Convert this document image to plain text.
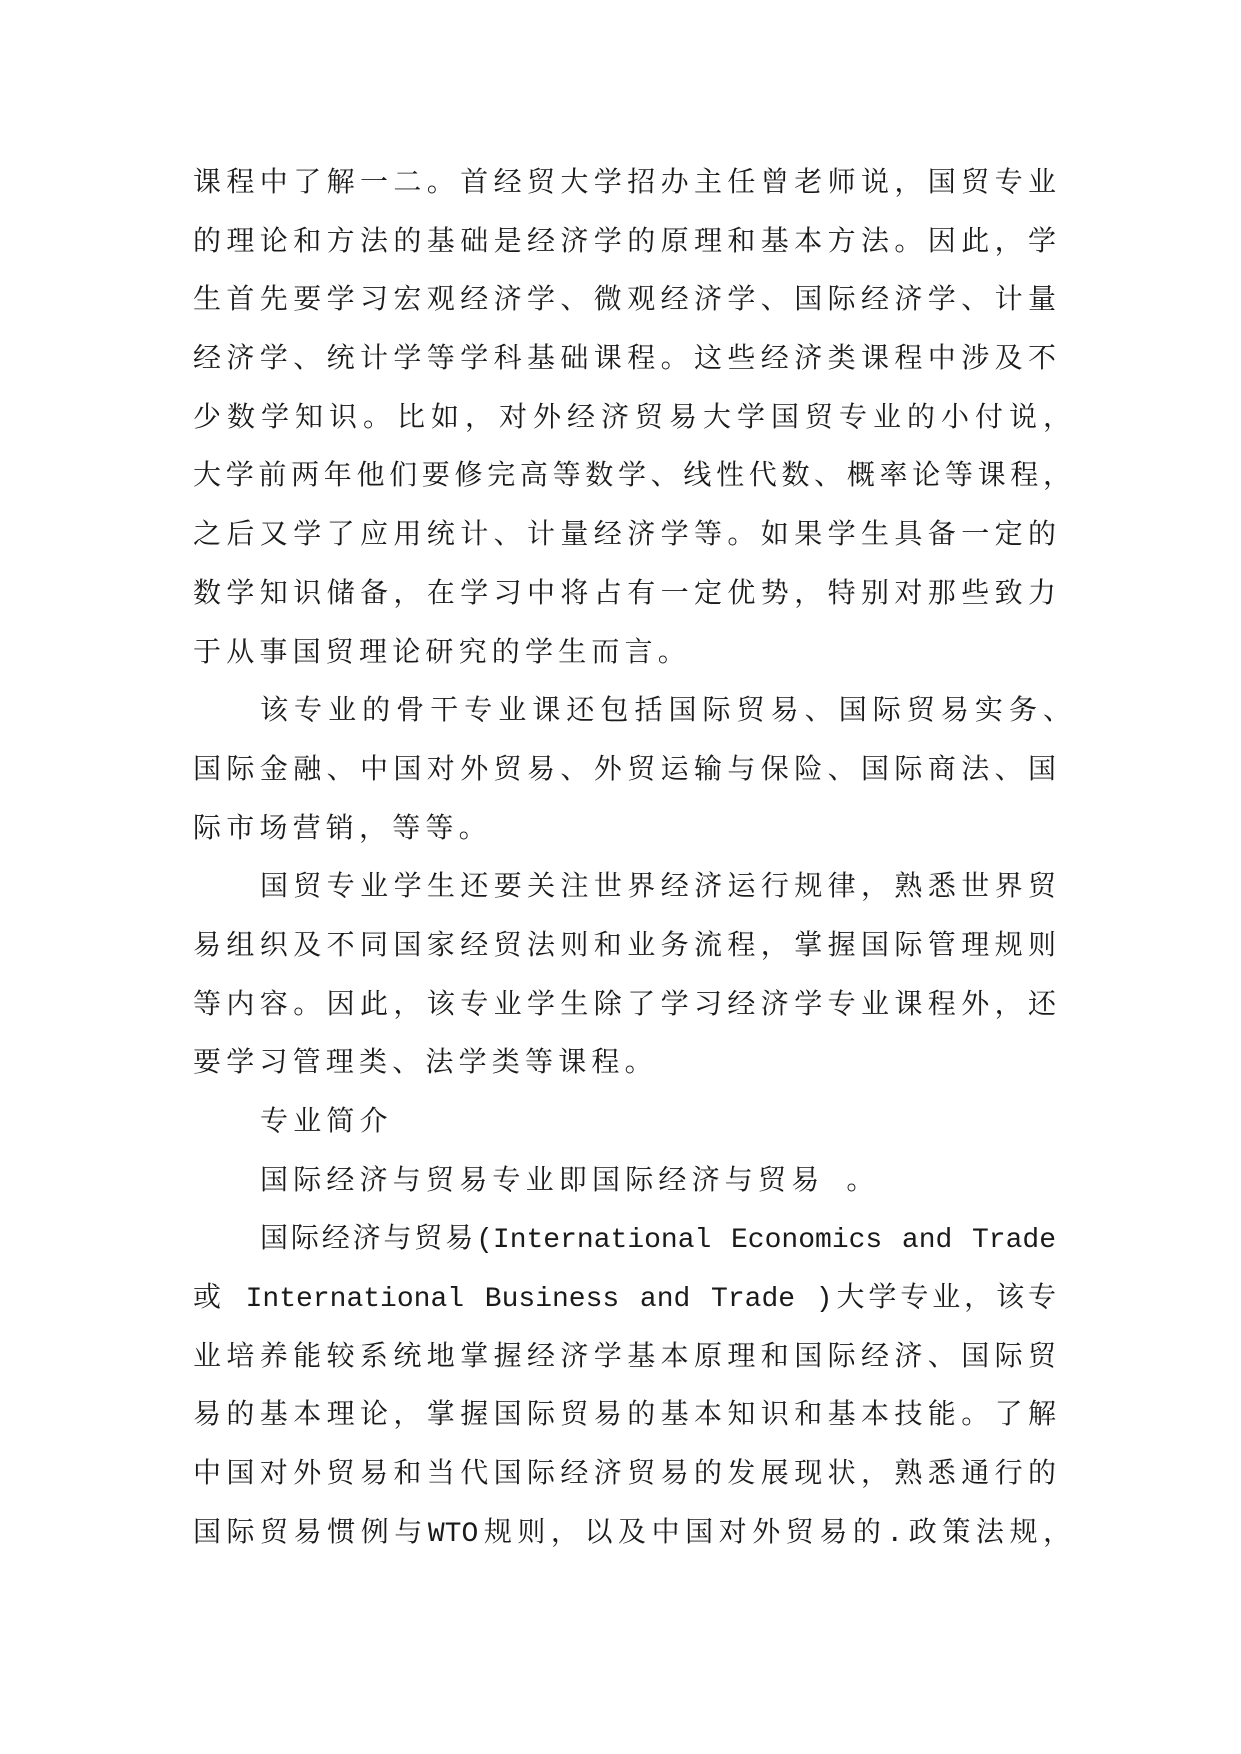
课程中了解一二。首经贸大学招办主任曾老师说，国贸专业
的理论和方法的基础是经济学的原理和基本方法。因此，学
生首先要学习宏观经济学、微观经济学、国际经济学、计量
经济学、统计学等学科基础课程。这些经济类课程中涉及不
少数学知识。比如，对外经济贸易大学国贸专业的小付说，
大学前两年他们要修完高等数学、线性代数、概率论等课程，
之后又学了应用统计、计量经济学等。如果学生具备一定的
数学知识储备，在学习中将占有一定优势，特别对那些致力
于从事国贸理论研究的学生而言。
该专业的骨干专业课还包括国际贸易、国际贸易实务、
国际金融、中国对外贸易、外贸运输与保险、国际商法、国
际市场营销，等等。
国贸专业学生还要关注世界经济运行规律，熟悉世界贸
易组织及不同国家经贸法则和业务流程，掌握国际管理规则
等内容。因此，该专业学生除了学习经济学专业课程外，还
要学习管理类、法学类等课程。
专业简介
国际经济与贸易专业即国际经济与贸易 。
国际经济与贸易(International Economics and Trade
或 International Business and Trade )大学专业，该专
业培养能较系统地掌握经济学基本原理和国际经济、国际贸
易的基本理论，掌握国际贸易的基本知识和基本技能。了解
中国对外贸易和当代国际经济贸易的发展现状，熟悉通行的
国际贸易惯例与WTO规则，以及中国对外贸易的.政策法规，
